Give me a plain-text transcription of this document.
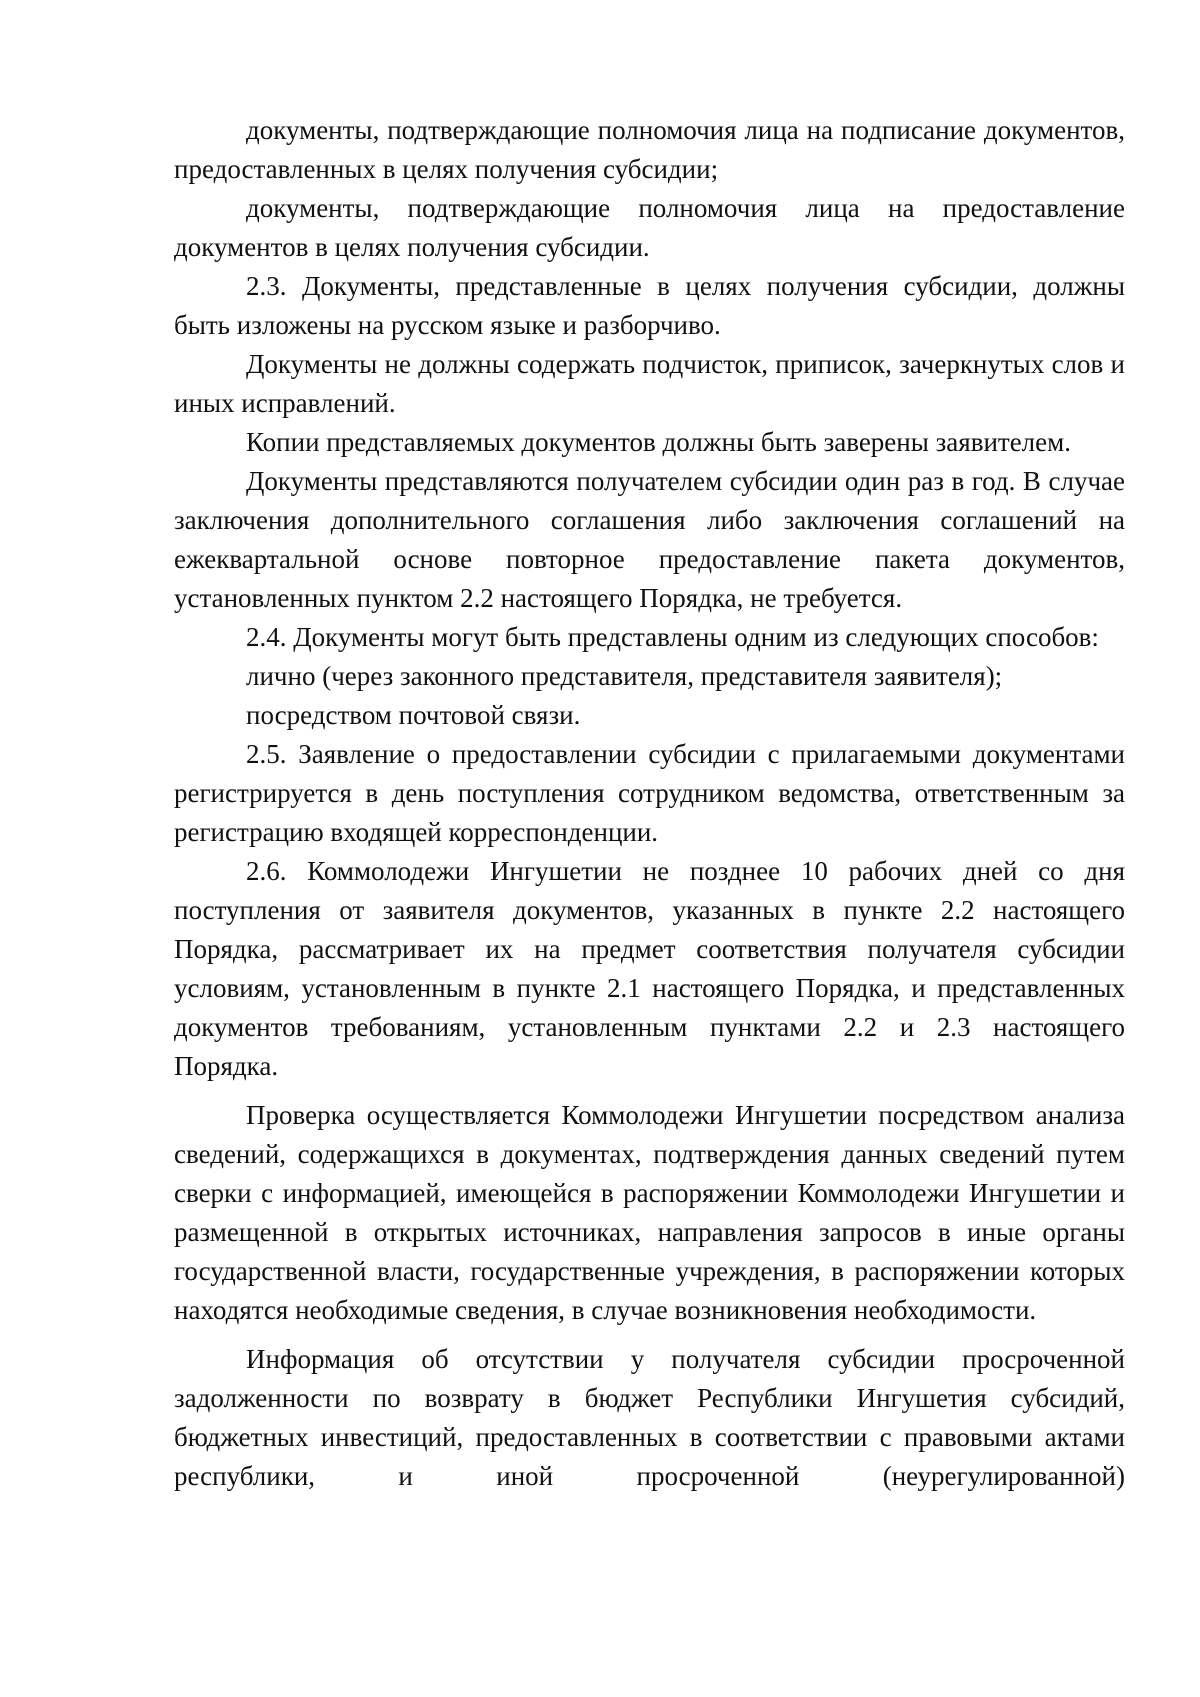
документы, подтверждающие полномочия лица на подписание документов, предоставленных в целях получения субсидии;

документы, подтверждающие полномочия лица на предоставление документов в целях получения субсидии.

2.3. Документы, представленные в целях получения субсидии, должны быть изложены на русском языке и разборчиво.

Документы не должны содержать подчисток, приписок, зачеркнутых слов и иных исправлений.

Копии представляемых документов должны быть заверены заявителем.

Документы представляются получателем субсидии один раз в год. В случае заключения дополнительного соглашения либо заключения соглашений на ежеквартальной основе повторное предоставление пакета документов, установленных пунктом 2.2 настоящего Порядка, не требуется.

2.4. Документы могут быть представлены одним из следующих способов:

лично (через законного представителя, представителя заявителя);

посредством почтовой связи.

2.5. Заявление о предоставлении субсидии с прилагаемыми документами регистрируется в день поступления сотрудником ведомства, ответственным за регистрацию входящей корреспонденции.

2.6. Коммолодежи Ингушетии не позднее 10 рабочих дней со дня поступления от заявителя документов, указанных в пункте 2.2 настоящего Порядка, рассматривает их на предмет соответствия получателя субсидии условиям, установленным в пункте 2.1 настоящего Порядка, и представленных документов требованиям, установленным пунктами 2.2 и 2.3 настоящего Порядка.

Проверка осуществляется Коммолодежи Ингушетии посредством анализа сведений, содержащихся в документах, подтверждения данных сведений путем сверки с информацией, имеющейся в распоряжении Коммолодежи Ингушетии и размещенной в открытых источниках, направления запросов в иные органы государственной власти, государственные учреждения, в распоряжении которых находятся необходимые сведения, в случае возникновения необходимости.

Информация об отсутствии у получателя субсидии просроченной задолженности по возврату в бюджет Республики Ингушетия субсидий, бюджетных инвестиций, предоставленных в соответствии с правовыми актами республики, и иной просроченной (неурегулированной)
